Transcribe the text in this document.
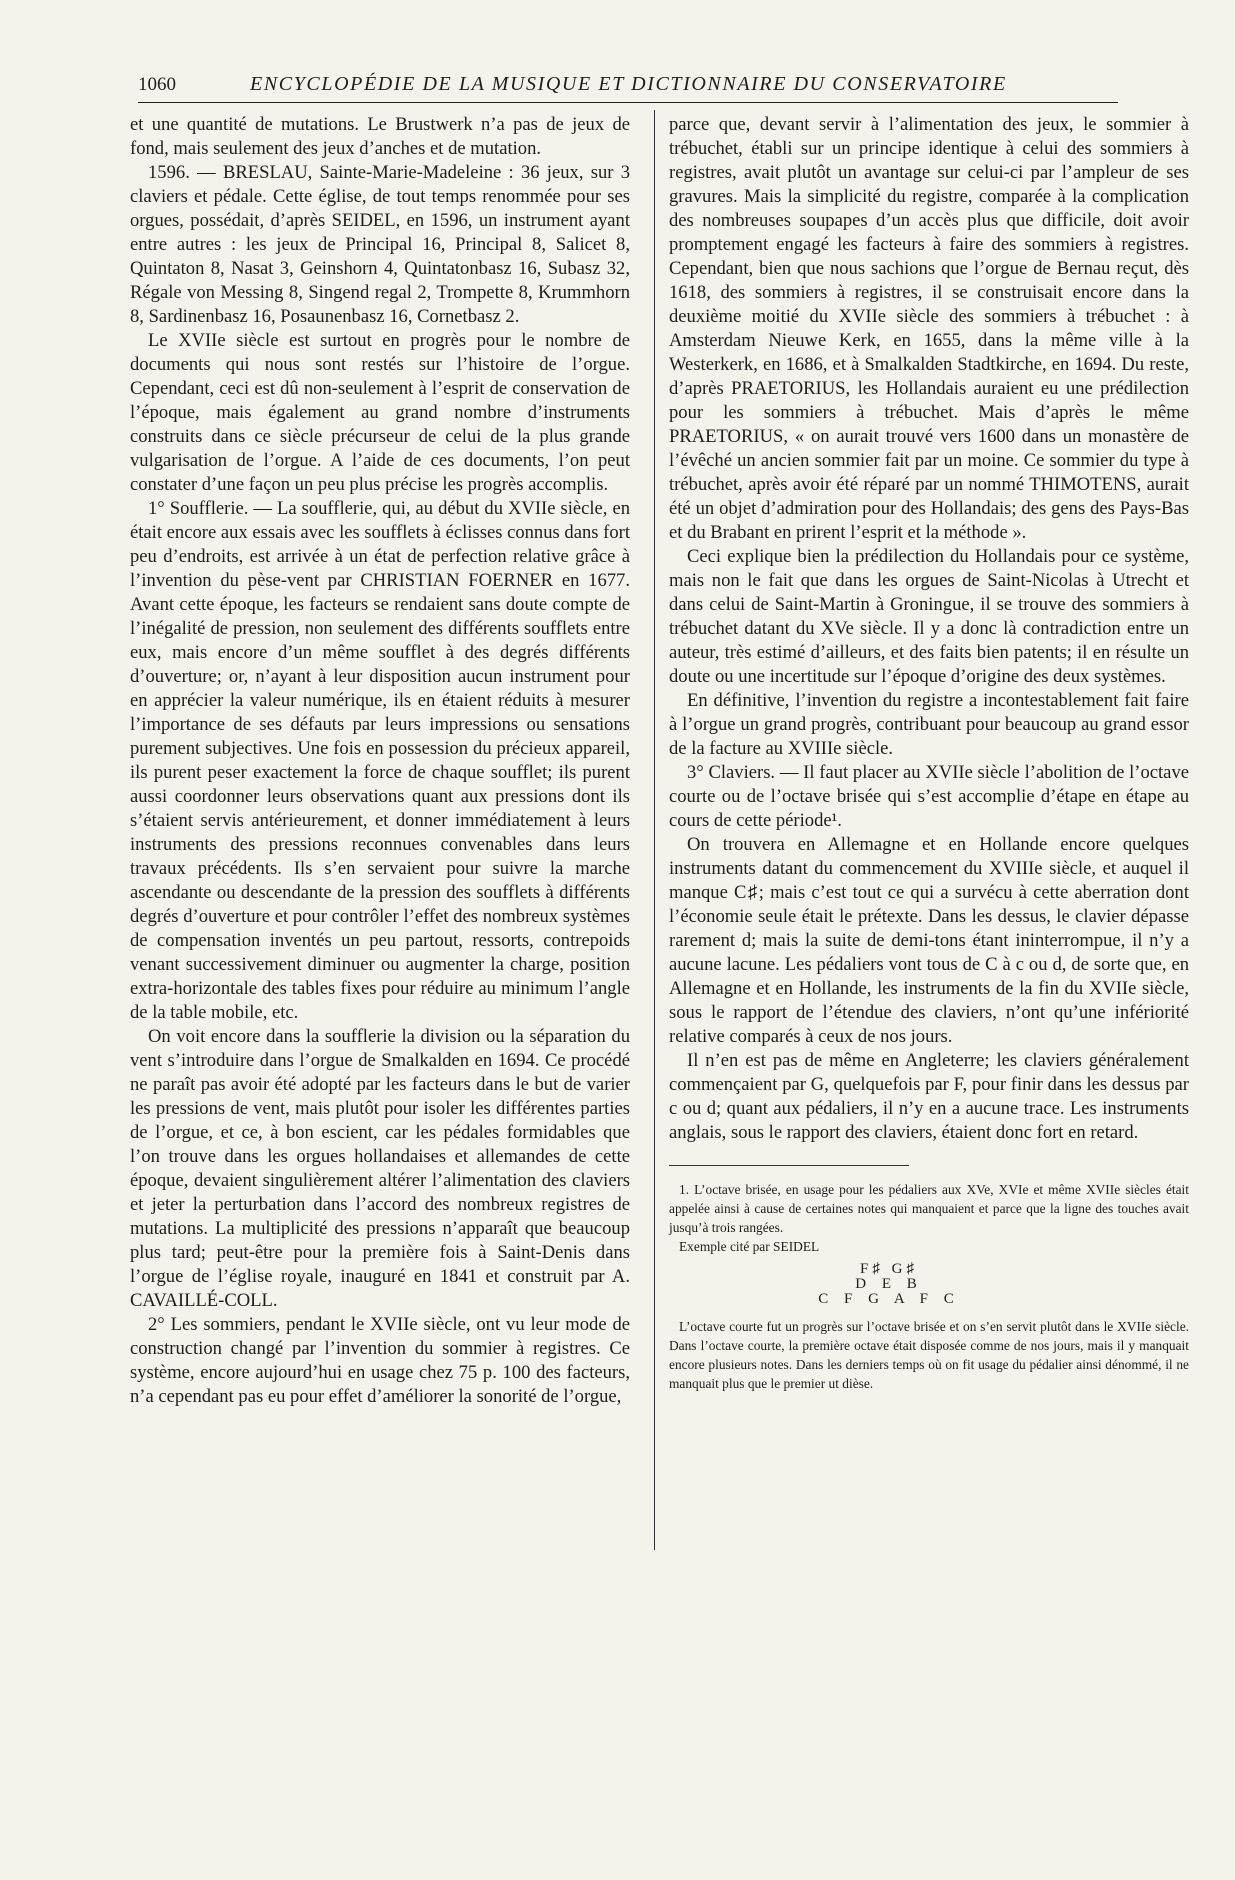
1060	ENCYCLOPÉDIE DE LA MUSIQUE ET DICTIONNAIRE DU CONSERVATOIRE

et une quantité de mutations. Le Brustwerk n’a pas de jeux de fond, mais seulement des jeux d’anches et de mutation.

1596. — BRESLAU, Sainte-Marie-Madeleine : 36 jeux, sur 3 claviers et pédale. Cette église, de tout temps renommée pour ses orgues, possédait, d’après SEIDEL, en 1596, un instrument ayant entre autres : les jeux de Principal 16, Principal 8, Salicet 8, Quintaton 8, Nasat 3, Geinshorn 4, Quintatonbasz 16, Subasz 32, Régale von Messing 8, Singend regal 2, Trompette 8, Krummhorn 8, Sardinenbasz 16, Posaunenbasz 16, Cornetbasz 2.

Le XVIIe siècle est surtout en progrès pour le nombre de documents qui nous sont restés sur l’histoire de l’orgue. Cependant, ceci est dû non-seulement à l’esprit de conservation de l’époque, mais également au grand nombre d’instruments construits dans ce siècle précurseur de celui de la plus grande vulgarisation de l’orgue. A l’aide de ces documents, l’on peut constater d’une façon un peu plus précise les progrès accomplis.

1° Soufflerie. — La soufflerie, qui, au début du XVIIe siècle, en était encore aux essais avec les soufflets à éclisses connus dans fort peu d’endroits, est arrivée à un état de perfection relative grâce à l’invention du pèse-vent par CHRISTIAN FOERNER en 1677. Avant cette époque, les facteurs se rendaient sans doute compte de l’inégalité de pression, non seulement des différents soufflets entre eux, mais encore d’un même soufflet à des degrés différents d’ouverture; or, n’ayant à leur disposition aucun instrument pour en apprécier la valeur numérique, ils en étaient réduits à mesurer l’importance de ses défauts par leurs impressions ou sensations purement subjectives. Une fois en possession du précieux appareil, ils purent peser exactement la force de chaque soufflet; ils purent aussi coordonner leurs observations quant aux pressions dont ils s’étaient servis antérieurement, et donner immédiatement à leurs instruments des pressions reconnues convenables dans leurs travaux précédents. Ils s’en servaient pour suivre la marche ascendante ou descendante de la pression des soufflets à différents degrés d’ouverture et pour contrôler l’effet des nombreux systèmes de compensation inventés un peu partout, ressorts, contrepoids venant successivement diminuer ou augmenter la charge, position extra-horizontale des tables fixes pour réduire au minimum l’angle de la table mobile, etc.

On voit encore dans la soufflerie la division ou la séparation du vent s’introduire dans l’orgue de Smalkalden en 1694. Ce procédé ne paraît pas avoir été adopté par les facteurs dans le but de varier les pressions de vent, mais plutôt pour isoler les différentes parties de l’orgue, et ce, à bon escient, car les pédales formidables que l’on trouve dans les orgues hollandaises et allemandes de cette époque, devaient singulièrement altérer l’alimentation des claviers et jeter la perturbation dans l’accord des nombreux registres de mutations. La multiplicité des pressions n’apparaît que beaucoup plus tard; peut-être pour la première fois à Saint-Denis dans l’orgue de l’église royale, inauguré en 1841 et construit par A. CAVAILLÉ-COLL.

2° Les sommiers, pendant le XVIIe siècle, ont vu leur mode de construction changé par l’invention du sommier à registres. Ce système, encore aujourd’hui en usage chez 75 p. 100 des facteurs, n’a cependant pas eu pour effet d’améliorer la sonorité de l’orgue,

parce que, devant servir à l’alimentation des jeux, le sommier à trébuchet, établi sur un principe identique à celui des sommiers à registres, avait plutôt un avantage sur celui-ci par l’ampleur de ses gravures. Mais la simplicité du registre, comparée à la complication des nombreuses soupapes d’un accès plus que difficile, doit avoir promptement engagé les facteurs à faire des sommiers à registres. Cependant, bien que nous sachions que l’orgue de Bernau reçut, dès 1618, des sommiers à registres, il se construisait encore dans la deuxième moitié du XVIIe siècle des sommiers à trébuchet : à Amsterdam Nieuwe Kerk, en 1655, dans la même ville à la Westerkerk, en 1686, et à Smalkalden Stadtkirche, en 1694. Du reste, d’après PRAETORIUS, les Hollandais auraient eu une prédilection pour les sommiers à trébuchet. Mais d’après le même PRAETORIUS, « on aurait trouvé vers 1600 dans un monastère de l’évêché un ancien sommier fait par un moine. Ce sommier du type à trébuchet, après avoir été réparé par un nommé THIMOTENS, aurait été un objet d’admiration pour des Hollandais; des gens des Pays-Bas et du Brabant en prirent l’esprit et la méthode ».

Ceci explique bien la prédilection du Hollandais pour ce système, mais non le fait que dans les orgues de Saint-Nicolas à Utrecht et dans celui de Saint-Martin à Groningue, il se trouve des sommiers à trébuchet datant du XVe siècle. Il y a donc là contradiction entre un auteur, très estimé d’ailleurs, et des faits bien patents; il en résulte un doute ou une incertitude sur l’époque d’origine des deux systèmes.

En définitive, l’invention du registre a incontestablement fait faire à l’orgue un grand progrès, contribuant pour beaucoup au grand essor de la facture au XVIIIe siècle.

3° Claviers. — Il faut placer au XVIIe siècle l’abolition de l’octave courte ou de l’octave brisée qui s’est accomplie d’étape en étape au cours de cette période¹.

On trouvera en Allemagne et en Hollande encore quelques instruments datant du commencement du XVIIIe siècle, et auquel il manque C♯; mais c’est tout ce qui a survécu à cette aberration dont l’économie seule était le prétexte. Dans les dessus, le clavier dépasse rarement d; mais la suite de demi-tons étant ininterrompue, il n’y a aucune lacune. Les pédaliers vont tous de C à c ou d, de sorte que, en Allemagne et en Hollande, les instruments de la fin du XVIIe siècle, sous le rapport de l’étendue des claviers, n’ont qu’une infériorité relative comparés à ceux de nos jours.

Il n’en est pas de même en Angleterre; les claviers généralement commençaient par G, quelquefois par F, pour finir dans les dessus par c ou d; quant aux pédaliers, il n’y en a aucune trace. Les instruments anglais, sous le rapport des claviers, étaient donc fort en retard.

1. L’octave brisée, en usage pour les pédaliers aux XVe, XVIe et même XVIIe siècles était appelée ainsi à cause de certaines notes qui manquaient et parce que la ligne des touches avait jusqu’à trois rangées.

Exemple cité par SEIDEL

F♯ G♯
D E B
C F G A F C

L’octave courte fut un progrès sur l’octave brisée et on s’en servit plutôt dans le XVIIe siècle. Dans l’octave courte, la première octave était disposée comme de nos jours, mais il y manquait encore plusieurs notes. Dans les derniers temps où on fit usage du pédalier ainsi dénommé, il ne manquait plus que le premier ut dièse.
